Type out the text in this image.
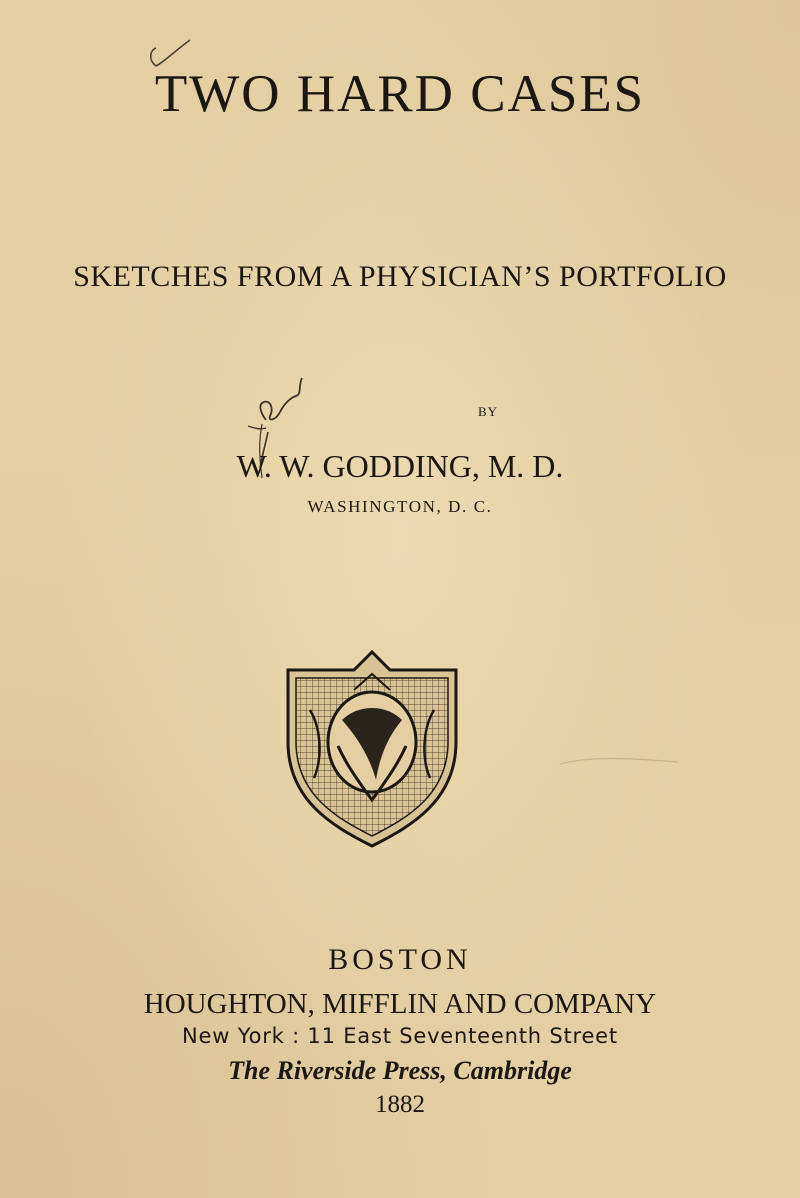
TWO HARD CASES
SKETCHES FROM A PHYSICIAN’S PORTFOLIO
BY
W. W. GODDING, M. D.
WASHINGTON, D. C.
BOSTON
HOUGHTON, MIFFLIN AND COMPANY
New York : 11 East Seventeenth Street
The Riverside Press, Cambridge
1882
